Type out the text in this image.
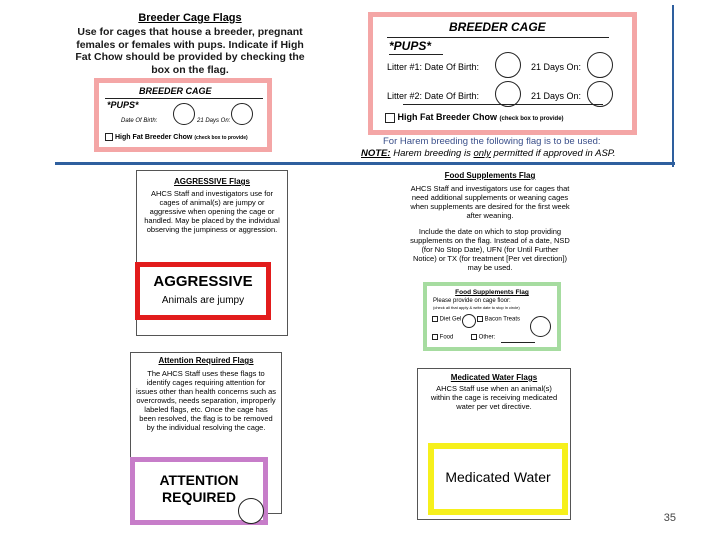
Breeder Cage Flags
Use for cages that house a breeder, pregnant females or females with pups. Indicate if High Fat Chow should be provided by checking the box on the flag.
BREEDER CAGE
*PUPS*
Date Of Birth:	21 Days On:
High Fat Breeder Chow (check box to provide)
BREEDER CAGE
*PUPS*
Litter #1: Date Of Birth:	21 Days On:
Litter #2: Date Of Birth:	21 Days On:
High Fat Breeder Chow (check box to provide)
For Harem breeding the following flag is to be used:
NOTE: Harem breeding is only permitted if approved in ASP.
AGGRESSIVE Flags
AHCS Staff and investigators use for cages of animal(s) are jumpy or aggressive when opening the cage or handled. May be placed by the individual observing the jumpiness or aggression.
AGGRESSIVE
Animals are jumpy
Food Supplements Flag
AHCS Staff and investigators use for cages that need additional supplements or weaning cages when supplements are desired for the first week after weaning.
Include the date on which to stop providing supplements on the flag. Instead of a date, NSD (for No Stop Date), UFN (for Until Further Notice) or TX (for treatment [Per vet direction]) may be used.
Food Supplements Flag
Please provide on cage floor:
(check all that apply & write date to stop in circle)
Diet Gel	Bacon Treats
Food	Other:
Attention Required Flags
The AHCS Staff uses these flags to identify cages requiring attention for issues other than health concerns such as overcrowds, needs separation, improperly labeled flags, etc. Once the cage has been resolved, the flag is to be removed by the individual resolving the cage.
ATTENTION
REQUIRED
Medicated Water Flags
AHCS Staff use when an animal(s) within the cage is receiving medicated water per vet directive.
Medicated Water
35
